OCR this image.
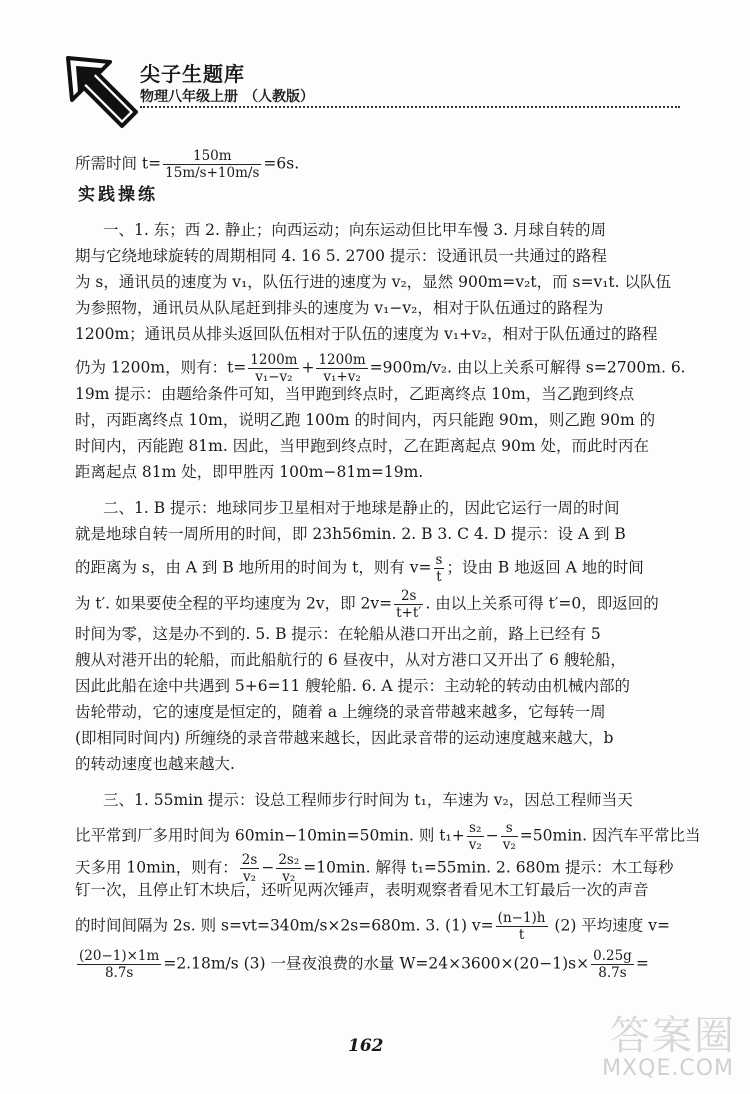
尖子生题库
物理八年级上册 （人教版）
实践操练
所需时间 $t= \frac{150m}{15m/s+10m/s} =6s$.
一、1. 东；西 2. 静止；向西运动；向东运动但比甲车慢 3. 月球自转的周
期与它绕地球旋转的周期相同 4. 16 5. 2700 提示：设通讯员一共通过的路程
为 s，通讯员的速度为 v₁，队伍行进的速度为 v₂，显然 900m=v₂t，而 s=v₁t. 以队伍
为参照物，通讯员从队尾赶到排头的速度为 v₁−v₂，相对于队伍通过的路程为
1200m；通讯员从排头返回队伍相对于队伍的速度为 v₁+v₂，相对于队伍通过的路程
仍为 1200m，则有：$t= \frac{1200m}{\text{v₁−v₂}} + \frac{1200m}{\text{v₁+v₂}} =900m/v_2$. 由以上关系可解得 s=2700m. 6.
19m 提示：由题给条件可知，当甲跑到终点时，乙距离终点 10m，当乙跑到终点
时，丙距离终点 10m，说明乙跑 100m 的时间内，丙只能跑 90m，则乙跑 90m 的
时间内，丙能跑 81m. 因此，当甲跑到终点时，乙在距离起点 90m 处，而此时丙在
距离起点 81m 处，即甲胜丙 100m−81m=19m.
二、1. B 提示：地球同步卫星相对于地球是静止的，因此它运行一周的时间
就是地球自转一周所用的时间，即 23h56min. 2. B 3. C 4. D 提示：设 A 到 B
的距离为 s，由 A 到 B 地所用的时间为 t，则有 $v= \frac{s}{t}$ ；设由 B 地返回 A 地的时间
为 t′. 如果要使全程的平均速度为 2v，即 $2v= \frac{2s}{t+t'}$ . 由以上关系可得 t′=0，即返回的
时间为零，这是办不到的. 5. B 提示：在轮船从港口开出之前，路上已经有 5
艘从对港开出的轮船，而此船航行的 6 昼夜中，从对方港口又开出了 6 艘轮船，
因此此船在途中共遇到 5+6=11 艘轮船. 6. A 提示：主动轮的转动由机械内部的
齿轮带动，它的速度是恒定的，随着 a 上缠绕的录音带越来越多，它每转一周
(即相同时间内) 所缠绕的录音带越来越长，因此录音带的运动速度越来越大，b
的转动速度也越来越大.
三、1. 55min 提示：设总工程师步行时间为 t₁，车速为 v₂，因总工程师当天
比平常到厂多用时间为 60min−10min=50min. 则 $t_1+ \frac{\text{s₂}}{\text{v₂}} - \frac{s}{\text{v₂}} =50\min$. 因汽车平常比当
天多用 10min，则有： $\frac{2s}{\text{v₂}} - \frac{\text{2s₂}}{\text{v₂}} =10\min$. 解得 t₁=55min. 2. 680m 提示：木工每秒
钉一次，且停止钉木块后，还听见两次锤声，表明观察者看见木工钉最后一次的声音
的时间间隔为 2s. 则 s=vt=340m/s×2s=680m. 3. (1) $v= \frac{(n-1)h}{t} (2)$ 平均速度 v=
$\frac{(20-1)\times 1m}{8.7s} =2.18m/s$ (3) 一昼夜浪费的水量 $W=24\times 3600\times(20-1)s\times \frac{0.25g}{8.7s}$ =
162	答案圈
MXQE.COM
